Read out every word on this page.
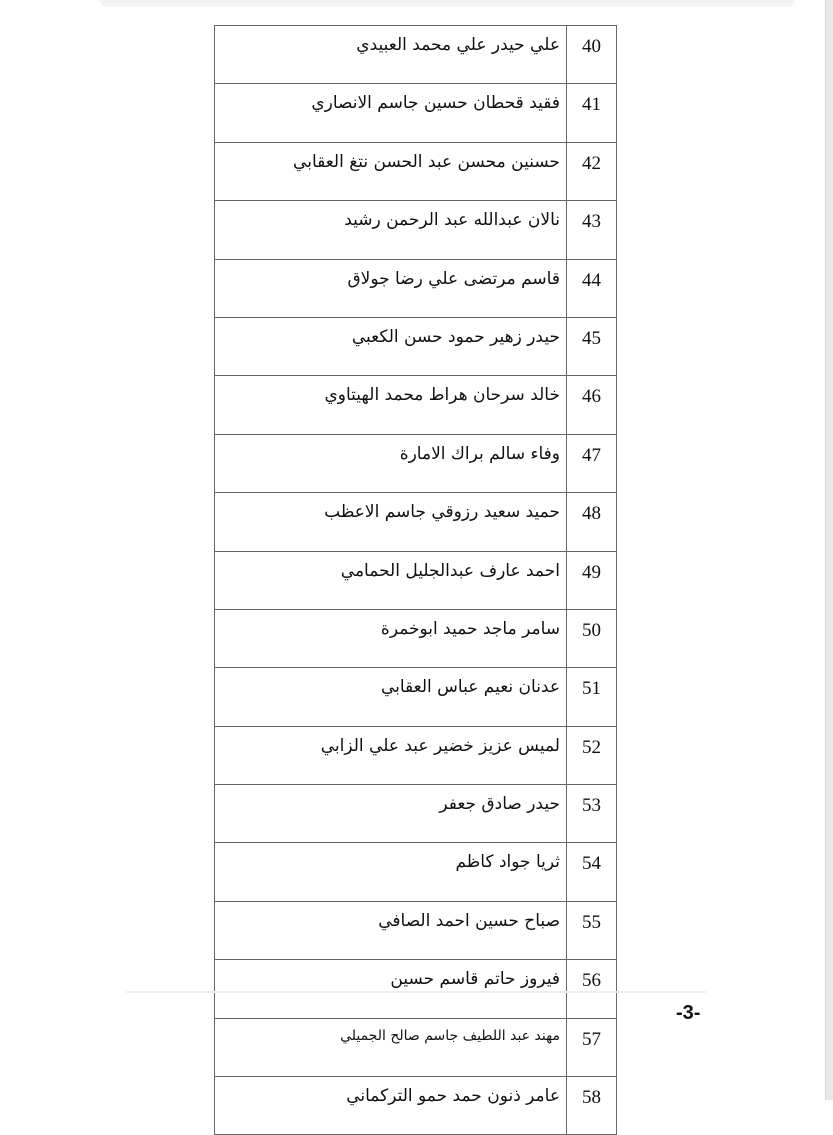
40	علي حيدر علي محمد العبيدي
41	فقيد قحطان حسين جاسم الانصاري
42	حسنين محسن عبد الحسن نتغ العقابي
43	نالان عبدالله عبد الرحمن رشيد
44	قاسم مرتضى علي رضا جولاق
45	حيدر زهير حمود حسن الكعبي
46	خالد سرحان هراط محمد الهيتاوي
47	وفاء سالم براك الامارة
48	حميد سعيد رزوقي جاسم الاعظب
49	احمد عارف عبدالجليل الحمامي
50	سامر ماجد حميد ابوخمرة
51	عدنان نعيم عباس العقابي
52	لميس عزيز خضير عبد علي الزابي
53	حيدر صادق جعفر
54	ثريا جواد كاظم
55	صباح حسين احمد الصافي
56	فيروز حاتم قاسم حسين
57	مهند عبد اللطيف جاسم صالح الجميلي
58	عامر ذنون حمد حمو التركماني
-3-
